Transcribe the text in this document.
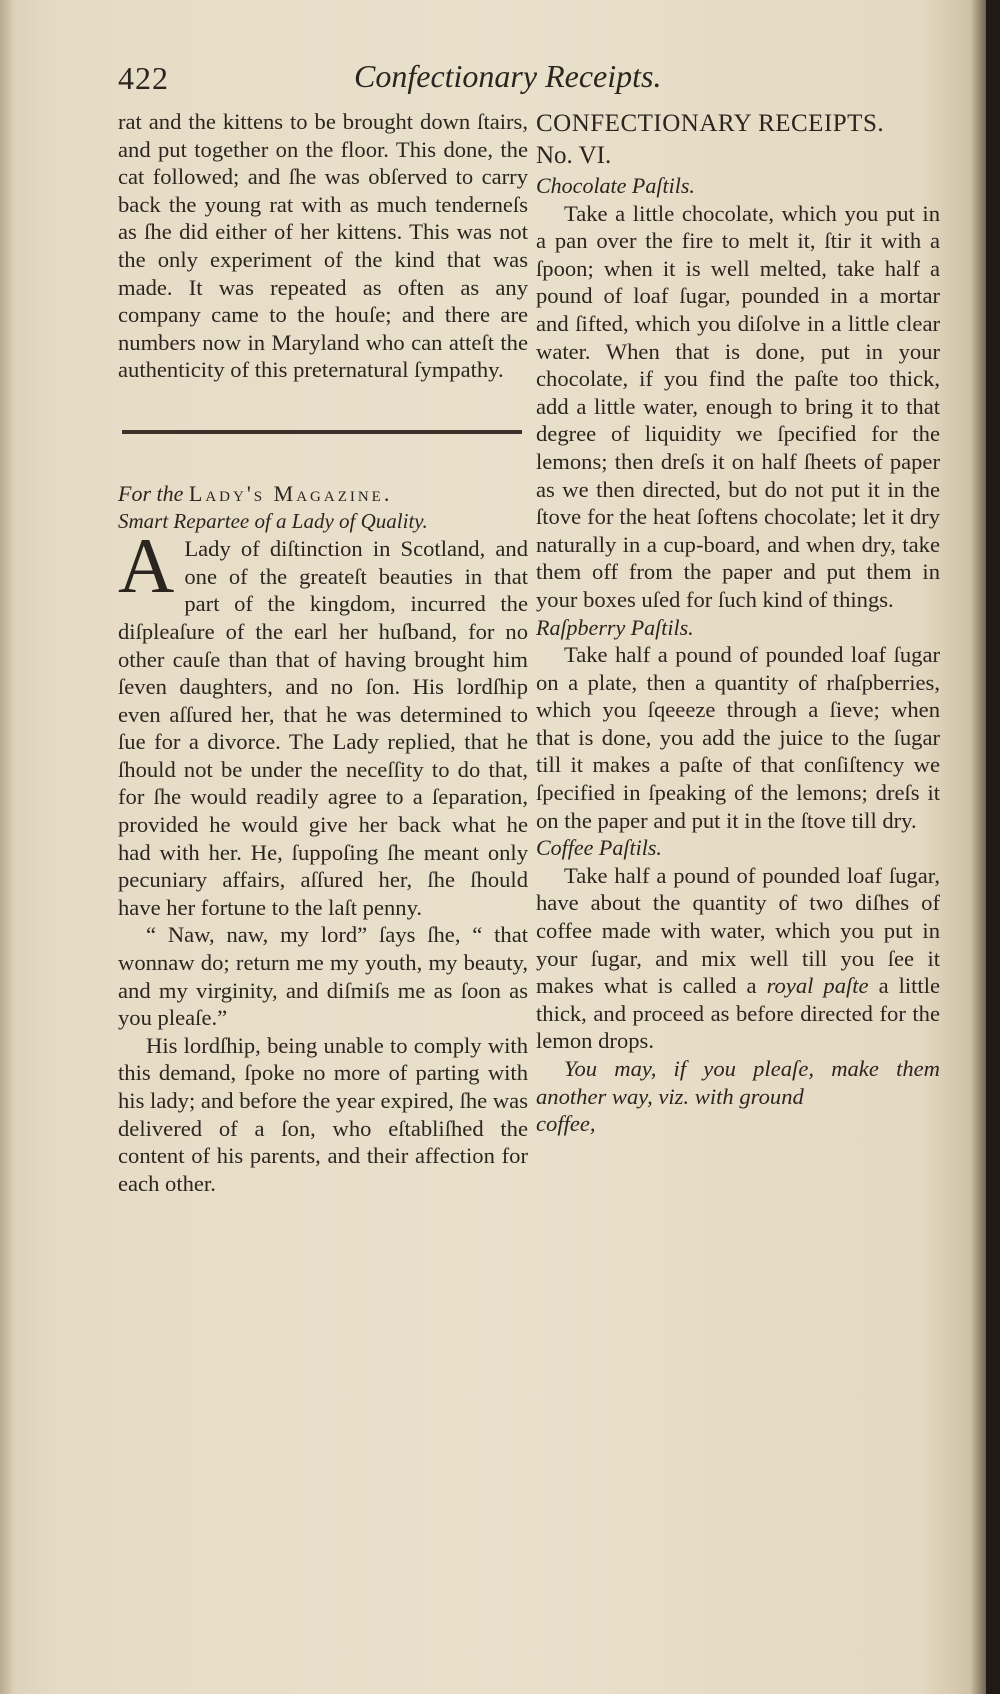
422	Confectionary Receipts.

rat and the kittens to be brought down ſtairs, and put together on the floor. This done, the cat followed; and ſhe was obſerved to carry back the young rat with as much tenderneſs as ſhe did either of her kittens. This was not the only experiment of the kind that was made. It was repeated as often as any company came to the houſe; and there are numbers now in Maryland who can atteſt the authenticity of this preternatural ſympathy.

For the Lady's Magazine.

Smart Repartee of a Lady of Quality.

A Lady of diſtinction in Scotland, and one of the greateſt beauties in that part of the kingdom, incurred the diſpleaſure of the earl her huſband, for no other cauſe than that of having brought him ſeven daughters, and no ſon. His lordſhip even aſſured her, that he was determined to ſue for a divorce. The Lady replied, that he ſhould not be under the neceſſity to do that, for ſhe would readily agree to a ſeparation, provided he would give her back what he had with her. He, ſuppoſing ſhe meant only pecuniary affairs, aſſured her, ſhe ſhould have her fortune to the laſt penny.

“ Naw, naw, my lord” ſays ſhe, “ that wonnaw do; return me my youth, my beauty, and my virginity, and diſmiſs me as ſoon as you pleaſe.”

His lordſhip, being unable to comply with this demand, ſpoke no more of parting with his lady; and before the year expired, ſhe was delivered of a ſon, who eſtabliſhed the content of his parents, and their affection for each other.

CONFECTIONARY RECEIPTS.

No. VI.

Chocolate Paſtils.

Take a little chocolate, which you put in a pan over the fire to melt it, ſtir it with a ſpoon; when it is well melted, take half a pound of loaf ſugar, pounded in a mortar and ſifted, which you diſolve in a little clear water. When that is done, put in your chocolate, if you find the paſte too thick, add a little water, enough to bring it to that degree of liquidity we ſpecified for the lemons; then dreſs it on half ſheets of paper as we then directed, but do not put it in the ſtove for the heat ſoftens chocolate; let it dry naturally in a cup-board, and when dry, take them off from the paper and put them in your boxes uſed for ſuch kind of things.

Raſpberry Paſtils.

Take half a pound of pounded loaf ſugar on a plate, then a quantity of rhaſpberries, which you ſqeeeze through a ſieve; when that is done, you add the juice to the ſugar till it makes a paſte of that conſiſtency we ſpecified in ſpeaking of the lemons; dreſs it on the paper and put it in the ſtove till dry.

Coffee Paſtils.

Take half a pound of pounded loaf ſugar, have about the quantity of two diſhes of coffee made with water, which you put in your ſugar, and mix well till you ſee it makes what is called a royal paſte a little thick, and proceed as before directed for the lemon drops.

You may, if you pleaſe, make them another way, viz. with ground

coffee,
